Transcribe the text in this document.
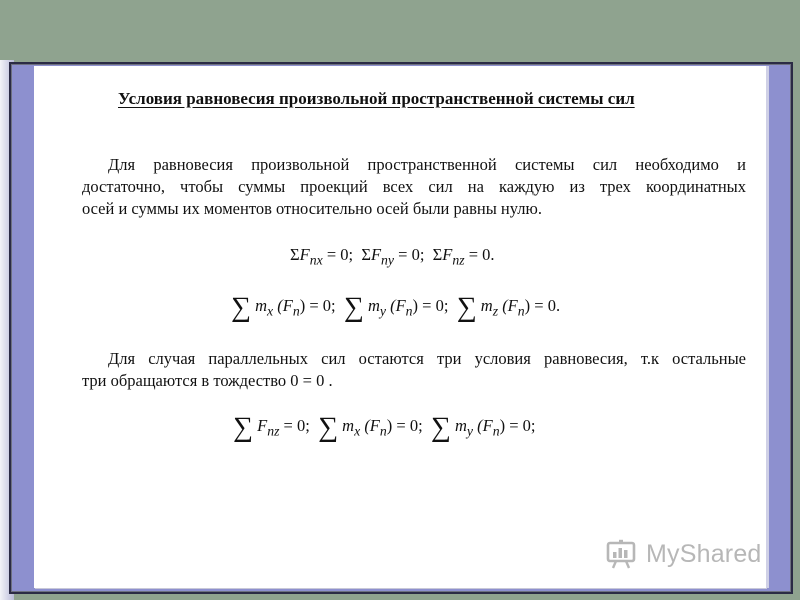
Условия равновесия произвольной пространственной системы сил
Для равновесия произвольной пространственной системы сил необходимо и
достаточно, чтобы суммы проекций всех сил на каждую из трех координатных
осей и суммы их моментов относительно осей были равны нулю.
$\Sigma F_{nx} = 0$; $\Sigma F_{ny} = 0$; $\Sigma F_{nz} = 0$.
∑ $m_x$ $(F_n) = 0$; ∑ $m_y$ $(F_n) = 0$; ∑ $m_z$ $(F_n) = 0$.
Для случая параллельных сил остаются три условия равновесия, т.к остальные
три обращаются в тождество 0 = 0 .
∑ $F_{nz} = 0$; ∑ $m_x$ $(F_n) = 0$; ∑ $m_y$ $(F_n) = 0$;
MyShared
